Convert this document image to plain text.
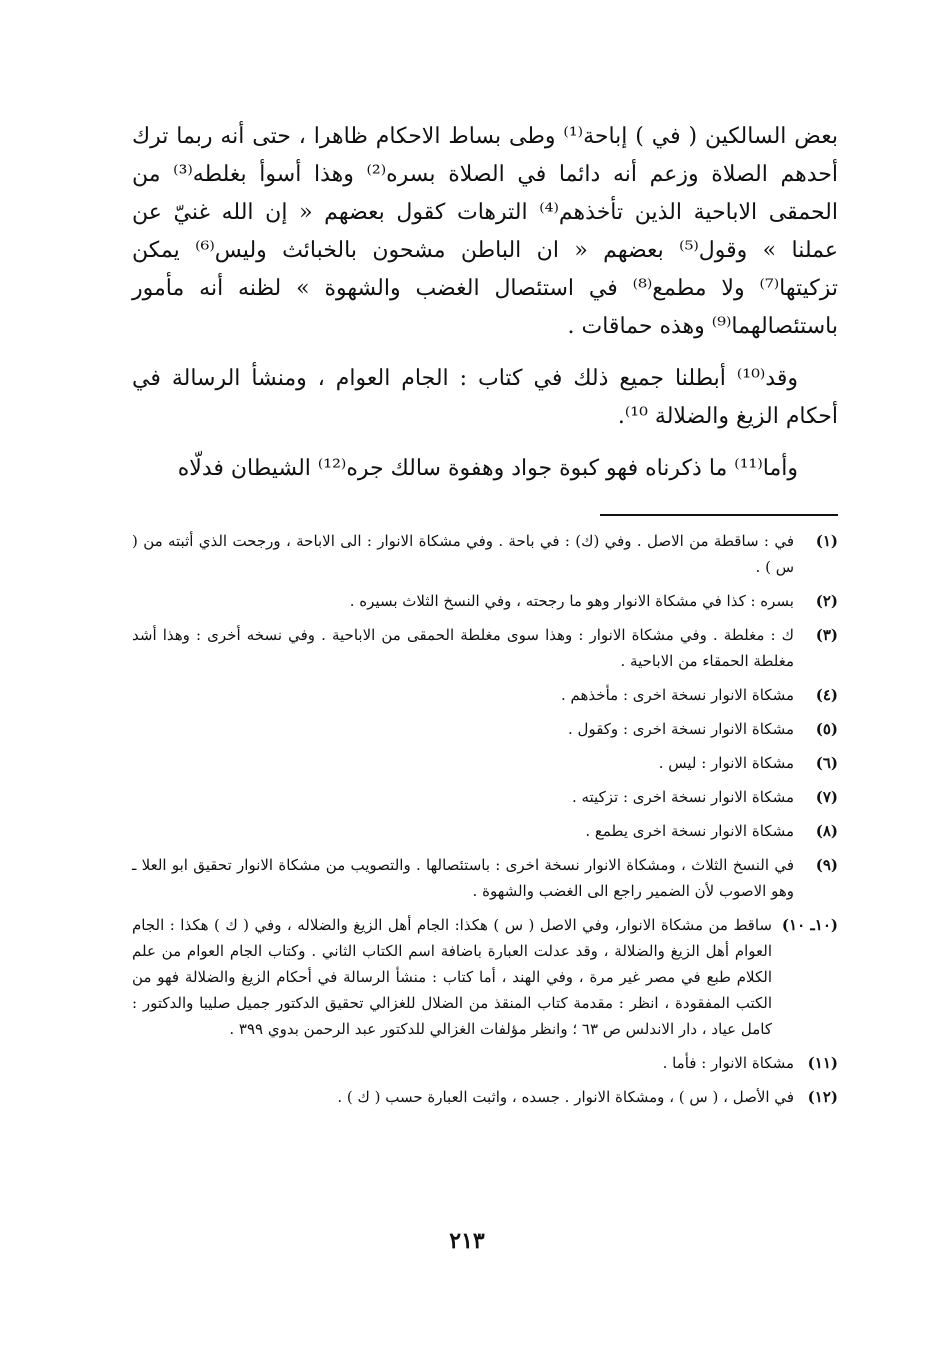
بعض السالكين ( في ) إباحة⁽¹⁾ وطى بساط الاحكام ظاهرا ، حتى أنه ربما ترك أحدهم الصلاة وزعم أنه دائما في الصلاة بسره⁽²⁾ وهذا أسوأ بغلطه⁽³⁾ من الحمقى الاباحية الذين تأخذهم⁽⁴⁾ الترهات كقول بعضهم « إن الله غنيّ عن عملنا » وقول⁽⁵⁾ بعضهم « ان الباطن مشحون بالخبائث وليس⁽⁶⁾ يمكن تزكيتها⁽⁷⁾ ولا مطمع⁽⁸⁾ في استئصال الغضب والشهوة » لظنه أنه مأمور باستئصالهما⁽⁹⁾ وهذه حماقات .

وقد⁽¹⁰⁾ أبطلنا جميع ذلك في كتاب : الجام العوام ، ومنشأ الرسالة في أحكام الزيغ والضلالة ¹⁰⁾.

وأما⁽¹¹⁾ ما ذكرناه فهو كبوة جواد وهفوة سالك جره⁽¹²⁾ الشيطان فدلّاه

(١)
في : ساقطة من الاصل . وفي (ك) : في باحة . وفي مشكاة الانوار : الى الاباحة ، ورجحت الذي أثبته من ( س ) .
(٢)
بسره : كذا في مشكاة الانوار وهو ما رجحته ، وفي النسخ الثلاث بسيره .
(٣)
ك : مغلطة . وفي مشكاة الانوار : وهذا سوى مغلطة الحمقى من الاباحية . وفي نسخه أخرى : وهذا أشد مغلطة الحمقاء من الاباحية .
(٤)
مشكاة الانوار نسخة اخرى : مأخذهم .
(٥)
مشكاة الانوار نسخة اخرى : وكقول .
(٦)
مشكاة الانوار : ليس .
(٧)
مشكاة الانوار نسخة اخرى : تزكيته .
(٨)
مشكاة الانوار نسخة اخرى يطمع .
(٩)
في النسخ الثلاث ، ومشكاة الانوار نسخة اخرى : باستئصالها . والتصويب من مشكاة الانوار تحقيق ابو العلا ـ وهو الاصوب لأن الضمير راجع الى الغضب والشهوة .
(١٠ـ ١٠)
ساقط من مشكاة الانوار، وفي الاصل ( س ) هكذا: الجام أهل الزيغ والضلاله ، وفي ( ك ) هكذا : الجام العوام أهل الزيغ والضلالة ، وقد عدلت العبارة باضافة اسم الكتاب الثاني . وكتاب الجام العوام من علم الكلام طبع في مصر غير مرة ، وفي الهند ، أما كتاب : منشأ الرسالة في أحكام الزيغ والضلالة فهو من الكتب المفقودة ، انظر : مقدمة كتاب المنقذ من الضلال للغزالي تحقيق الدكتور جميل صليبا والدكتور : كامل عياد ، دار الاندلس ص ٦٣ ؛ وانظر مؤلفات الغزالي للدكتور عبد الرحمن بدوي ٣٩٩ .
(١١)
مشكاة الانوار : فأما .
(١٢)
في الأصل ، ( س ) ، ومشكاة الانوار . جسده ، واثبت العبارة حسب ( ك ) .
٢١٣
